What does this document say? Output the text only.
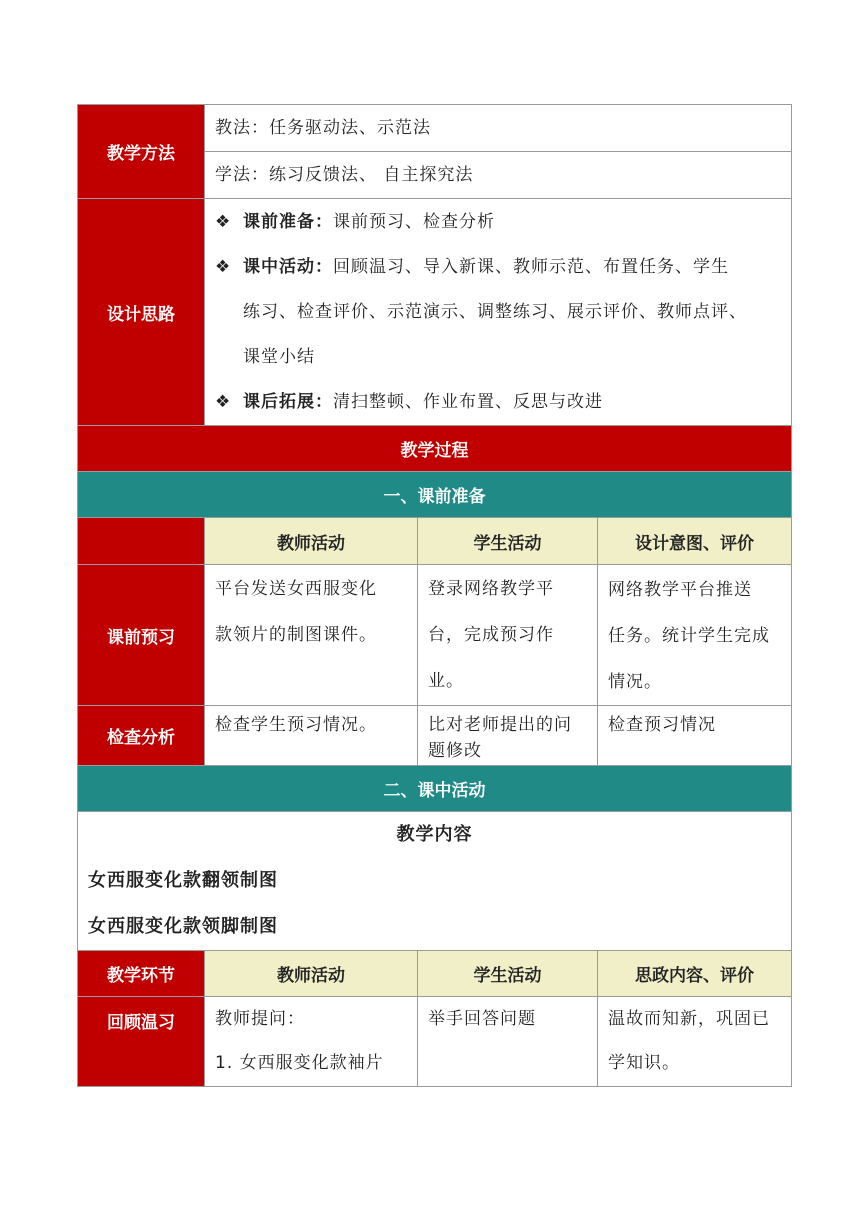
教学方法	教法：任务驱动法、示范法		

	学法：练习反馈法、 自主探究法		

设计思路	❖ 课前准备：课前预习、检查分析
❖ 课中活动：回顾温习、导入新课、教师示范、布置任务、学生
练习、检查评价、示范演示、调整练习、展示评价、教师点评、
课堂小结
❖ 课后拓展：清扫整顿、作业布置、反思与改进		

教学过程			
一、课前准备			
	教师活动	学生活动	设计意图、评价
课前预习	平台发送女西服变化
款领片的制图课件。	登录网络教学平
台，完成预习作业。	网络教学平台推送
任务。统计学生完成
情况。

检查分析	检查学生预习情况。	比对老师提出的问
题修改	检查预习情况

二、课中活动			

教学内容
女西服变化款翻领制图
女西服变化款领脚制图			

教学环节	教师活动	学生活动	思政内容、评价
回顾温习	教师提问：
1. 女西服变化款袖片	举手回答问题	温故而知新，巩固已
学知识。
